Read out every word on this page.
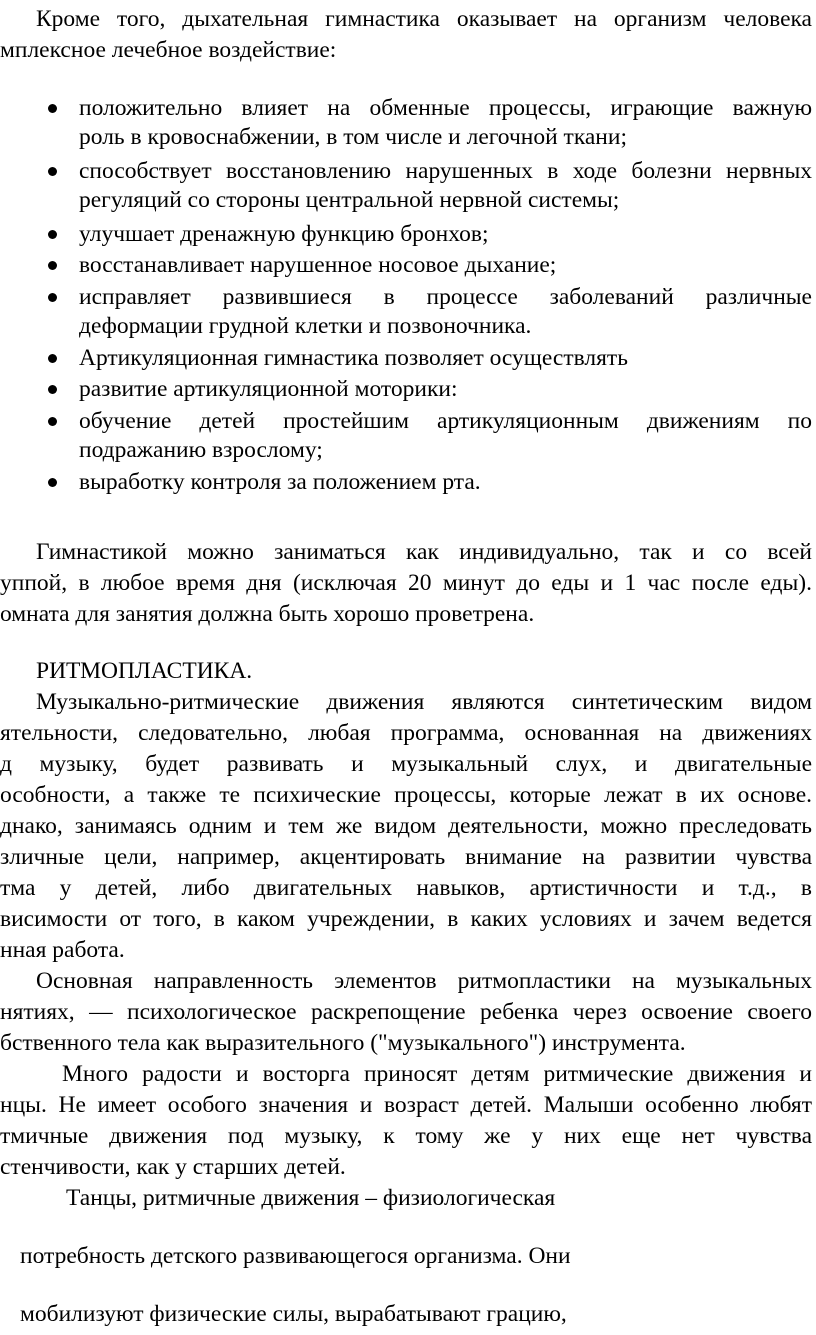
Кроме того, дыхательная гимнастика оказывает на организм человека
мплексное лечебное воздействие:
положительно влияет на обменные процессы, играющие важную
роль в кровоснабжении, в том числе и легочной ткани;
способствует восстановлению нарушенных в ходе болезни нервных
регуляций со стороны центральной нервной системы;
улучшает дренажную функцию бронхов;
восстанавливает нарушенное носовое дыхание;
исправляет развившиеся в процессе заболеваний различные
деформации грудной клетки и позвоночника.
Артикуляционная гимнастика позволяет осуществлять
развитие артикуляционной моторики:
обучение детей простейшим артикуляционным движениям по
подражанию взрослому;
выработку контроля за положением рта.
Гимнастикой можно заниматься как индивидуально, так и со всей
уппой, в любое время дня (исключая 20 минут до еды и 1 час после еды).
омната для занятия должна быть хорошо проветрена.
РИТМОПЛАСТИКА.
Музыкально-ритмические движения являются синтетическим видом
ятельности, следовательно, любая программа, основанная на движениях
д музыку, будет развивать и музыкальный слух, и двигательные
особности, а также те психические процессы, которые лежат в их основе.
днако, занимаясь одним и тем же видом деятельности, можно преследовать
зличные цели, например, акцентировать внимание на развитии чувства
тма у детей, либо двигательных навыков, артистичности и т.д., в
висимости от того, в каком учреждении, в каких условиях и зачем ведется
нная работа.
Основная направленность элементов ритмопластики на музыкальных
нятиях, — психологическое раскрепощение ребенка через освоение своего
бственного тела как выразительного ("музыкального") инструмента.
Много радости и восторга приносят детям ритмические движения и
нцы. Не имеет особого значения и возраст детей. Малыши особенно любят
тмичные движения под музыку, к тому же у них еще нет чувства
стенчивости, как у старших детей.
Танцы, ритмичные движения – физиологическая
потребность детского развивающегося организма. Они
мобилизуют физические силы, вырабатывают грацию,
